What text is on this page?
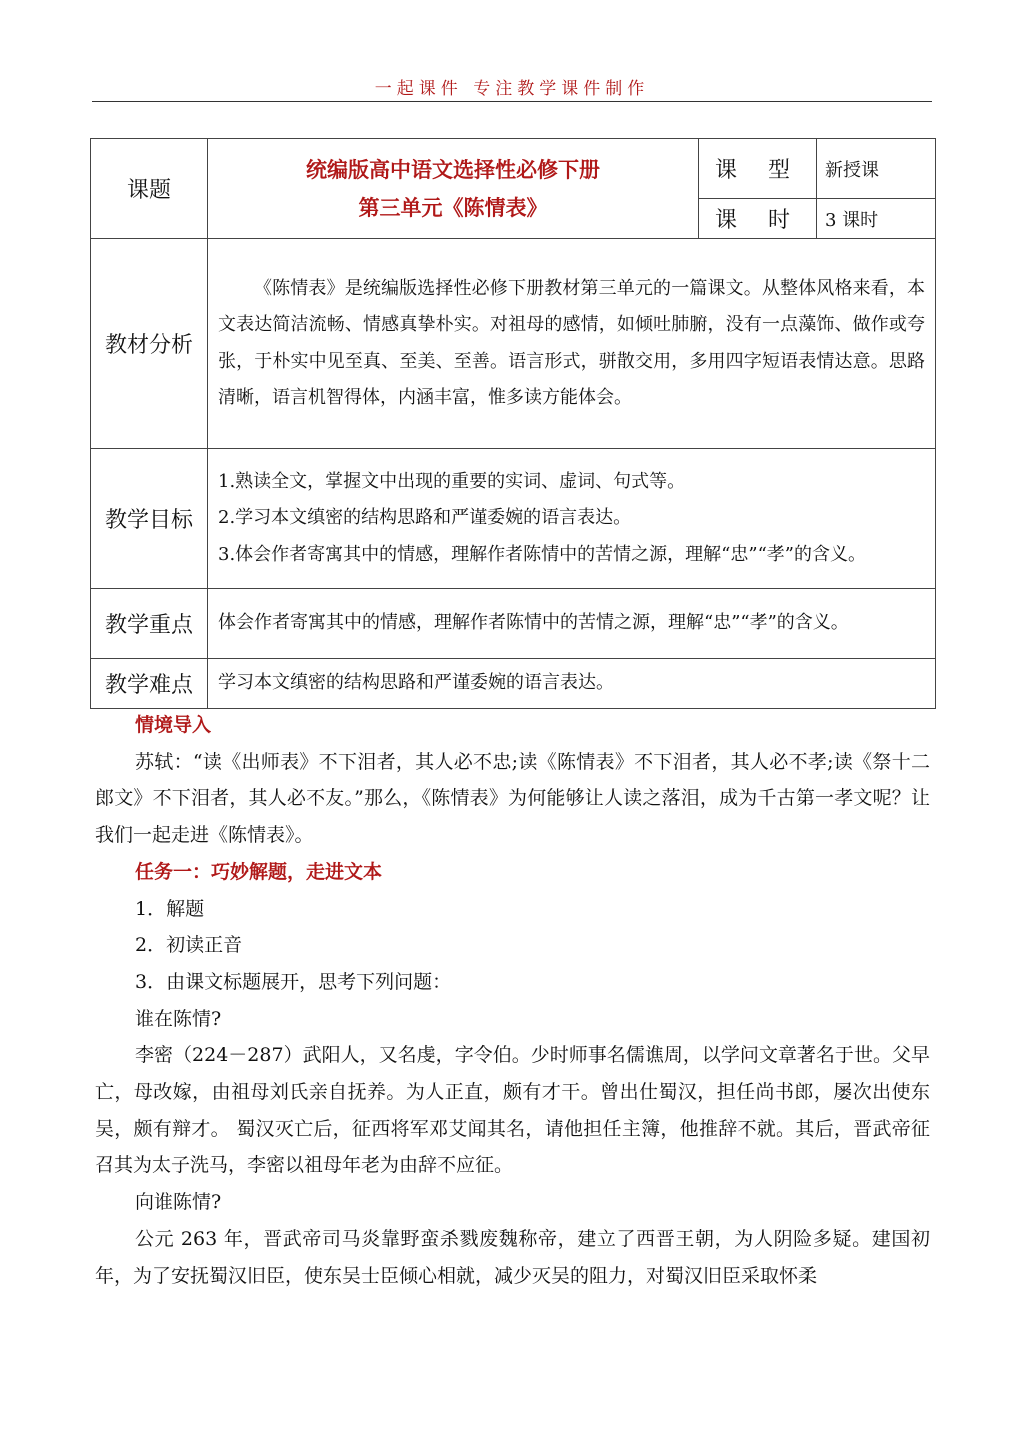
一起课件 专注教学课件制作
课题	统编版高中语文选择性必修下册
第三单元《陈情表》	课 型	新授课
		课 时	3 课时
教材分析	《陈情表》是统编版选择性必修下册教材第三单元的一篇课文。从整体风格来看，本文表达简洁流畅、情感真挚朴实。对祖母的感情，如倾吐肺腑，没有一点藻饰、做作或夸张，于朴实中见至真、至美、至善。语言形式，骈散交用，多用四字短语表情达意。思路清晰，语言机智得体，内涵丰富，惟多读方能体会。		

教学目标	1.熟读全文，掌握文中出现的重要的实词、虚词、句式等。

2.学习本文缜密的结构思路和严谨委婉的语言表达。

3.体会作者寄寓其中的情感，理解作者陈情中的苦情之源，理解“忠”“孝”的含义。		

教学重点	体会作者寄寓其中的情感，理解作者陈情中的苦情之源，理解“忠”“孝”的含义。		

教学难点	学习本文缜密的结构思路和严谨委婉的语言表达。		

情境导入

苏轼：“读《出师表》不下泪者，其人必不忠;读《陈情表》不下泪者，其人必不孝;读《祭十二郎文》不下泪者，其人必不友。”那么，《陈情表》为何能够让人读之落泪，成为千古第一孝文呢？让我们一起走进《陈情表》。

任务一：巧妙解题，走进文本

1．解题

2．初读正音

3．由课文标题展开，思考下列问题：

谁在陈情?

李密（224－287）武阳人，又名虔，字令伯。少时师事名儒谯周，以学问文章著名于世。父早亡，母改嫁，由祖母刘氏亲自抚养。为人正直，颇有才干。曾出仕蜀汉，担任尚书郎，屡次出使东吴，颇有辩才。 蜀汉灭亡后，征西将军邓艾闻其名，请他担任主簿，他推辞不就。其后，晋武帝征召其为太子洗马，李密以祖母年老为由辞不应征。

向谁陈情?

公元 263 年，晋武帝司马炎靠野蛮杀戮废魏称帝，建立了西晋王朝，为人阴险多疑。建国初年，为了安抚蜀汉旧臣，使东吴士臣倾心相就，减少灭吴的阻力，对蜀汉旧臣采取怀柔
